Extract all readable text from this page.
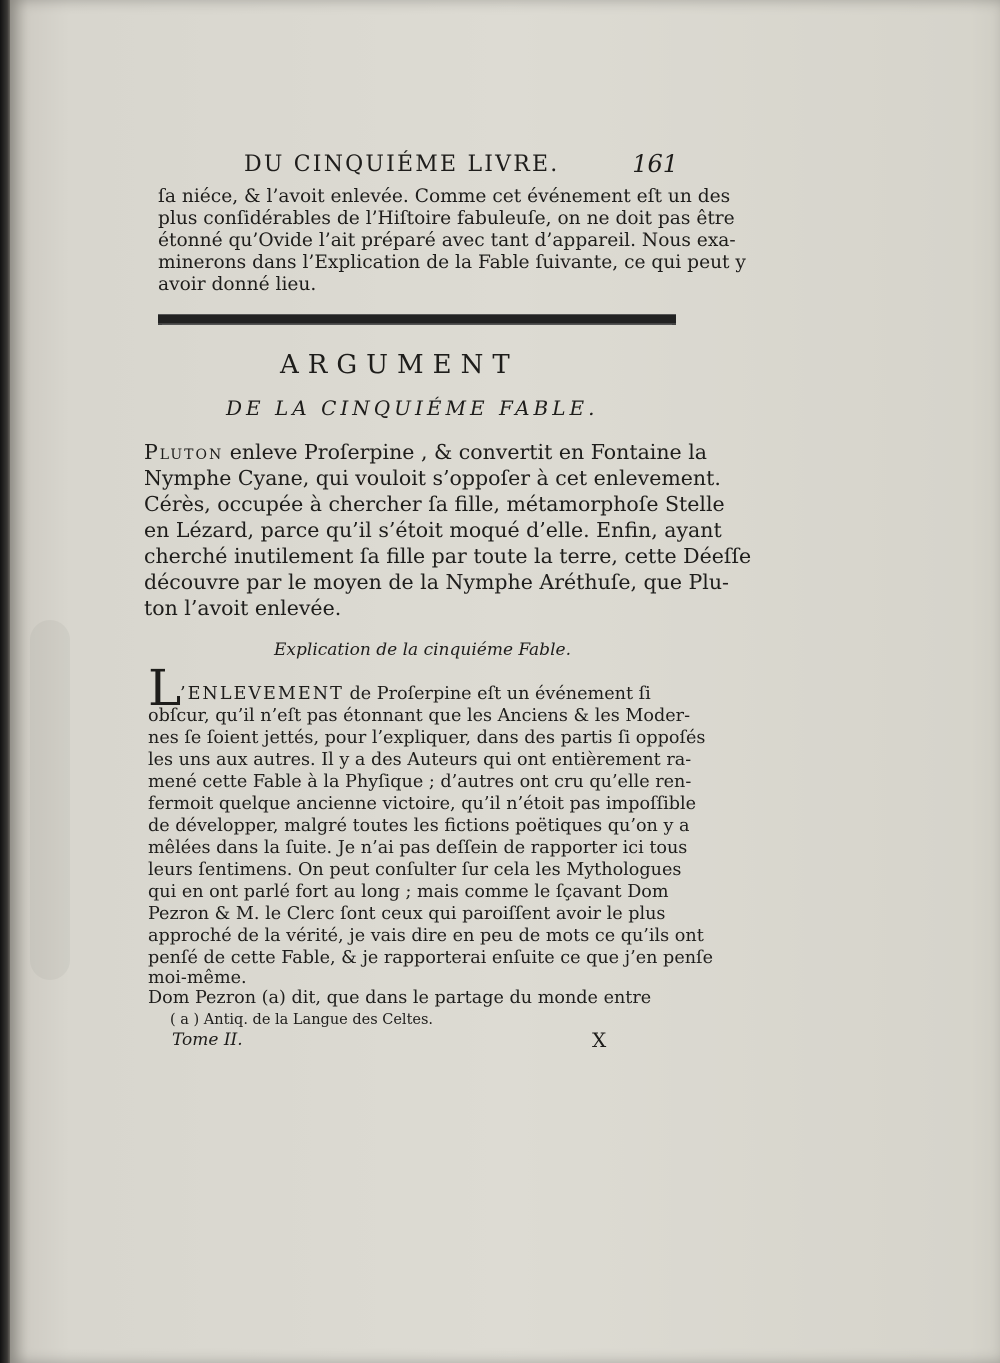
DU CINQUIÉME LIVRE.	161
ſa niéce, & l’avoit enlevée. Comme cet événement eſt un des
plus conſidérables de l’Hiſtoire fabuleuſe, on ne doit pas être
étonné qu’Ovide l’ait préparé avec tant d’appareil. Nous exa-
minerons dans l’Explication de la Fable ſuivante, ce qui peut y
avoir donné lieu.
ARGUMENT
DE LA CINQUIÉME FABLE.
Pluton enleve Proſerpine , & convertit en Fontaine la
Nymphe Cyane, qui vouloit s’oppoſer à cet enlevement.
Cérès, occupée à chercher ſa fille, métamorphoſe Stelle
en Lézard, parce qu’il s’étoit moqué d’elle. Enfin, ayant
cherché inutilement ſa fille par toute la terre, cette Déeſſe
découvre par le moyen de la Nymphe Aréthuſe, que Plu-
ton l’avoit enlevée.
Explication de la cinquiéme Fable.
L
’ENLEVEMENT de Proſerpine eſt un événement ſi
obſcur, qu’il n’eſt pas étonnant que les Anciens & les Moder-
nes ſe ſoient jettés, pour l’expliquer, dans des partis ſi oppoſés
les uns aux autres. Il y a des Auteurs qui ont entièrement ra-
mené cette Fable à la Phyſique ; d’autres ont cru qu’elle ren-
fermoit quelque ancienne victoire, qu’il n’étoit pas impoſſible
de développer, malgré toutes les fictions poëtiques qu’on y a
mêlées dans la ſuite. Je n’ai pas deſſein de rapporter ici tous
leurs ſentimens. On peut conſulter ſur cela les Mythologues
qui en ont parlé fort au long ; mais comme le ſçavant Dom
Pezron & M. le Clerc ſont ceux qui paroiſſent avoir le plus
approché de la vérité, je vais dire en peu de mots ce qu’ils ont
penſé de cette Fable, & je rapporterai enſuite ce que j’en penſe
moi-même.
Dom Pezron (a) dit, que dans le partage du monde entre
( a ) Antiq. de la Langue des Celtes.
Tome II.	X
